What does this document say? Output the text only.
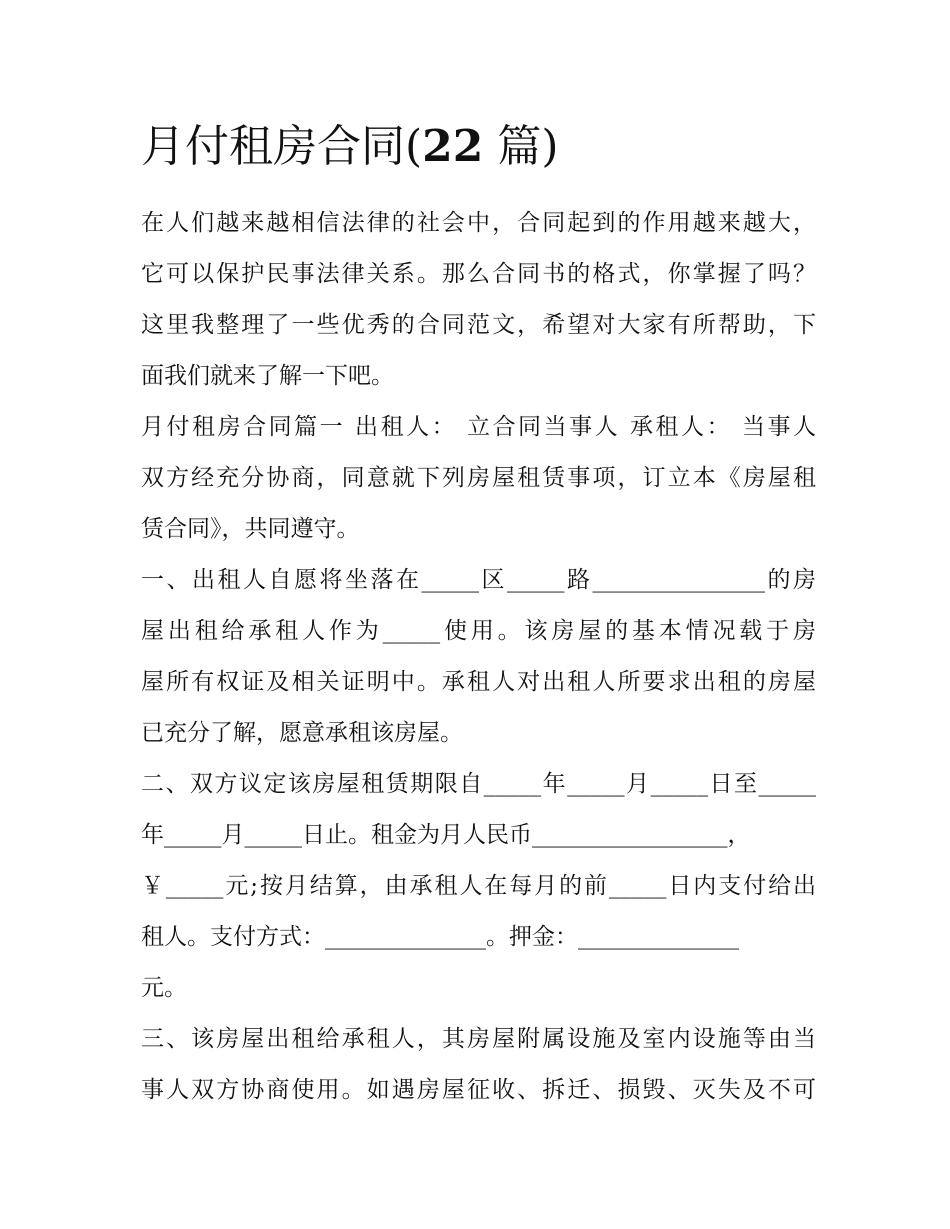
月付租房合同(22 篇)

在人们越来越相信法律的社会中，合同起到的作用越来越大，
它可以保护民事法律关系。那么合同书的格式，你掌握了吗？
这里我整理了一些优秀的合同范文，希望对大家有所帮助，下
面我们就来了解一下吧。

月付租房合同篇一 出租人： 立合同当事人 承租人： 当事人
双方经充分协商，同意就下列房屋租赁事项，订立本《房屋租
赁合同》，共同遵守。

一、出租人自愿将坐落在_____区_____路_______________的房
屋出租给承租人作为_____使用。该房屋的基本情况载于房
屋所有权证及相关证明中。承租人对出租人所要求出租的房屋
已充分了解，愿意承租该房屋。

二、双方议定该房屋租赁期限自_____年_____月_____日至_____
年_____月_____日止。租金为月人民币_________________，
￥_____元;按月结算，由承租人在每月的前_____日内支付给出
租人。支付方式：______________。押金：______________
元。

三、该房屋出租给承租人，其房屋附属设施及室内设施等由当
事人双方协商使用。如遇房屋征收、拆迁、损毁、灭失及不可
